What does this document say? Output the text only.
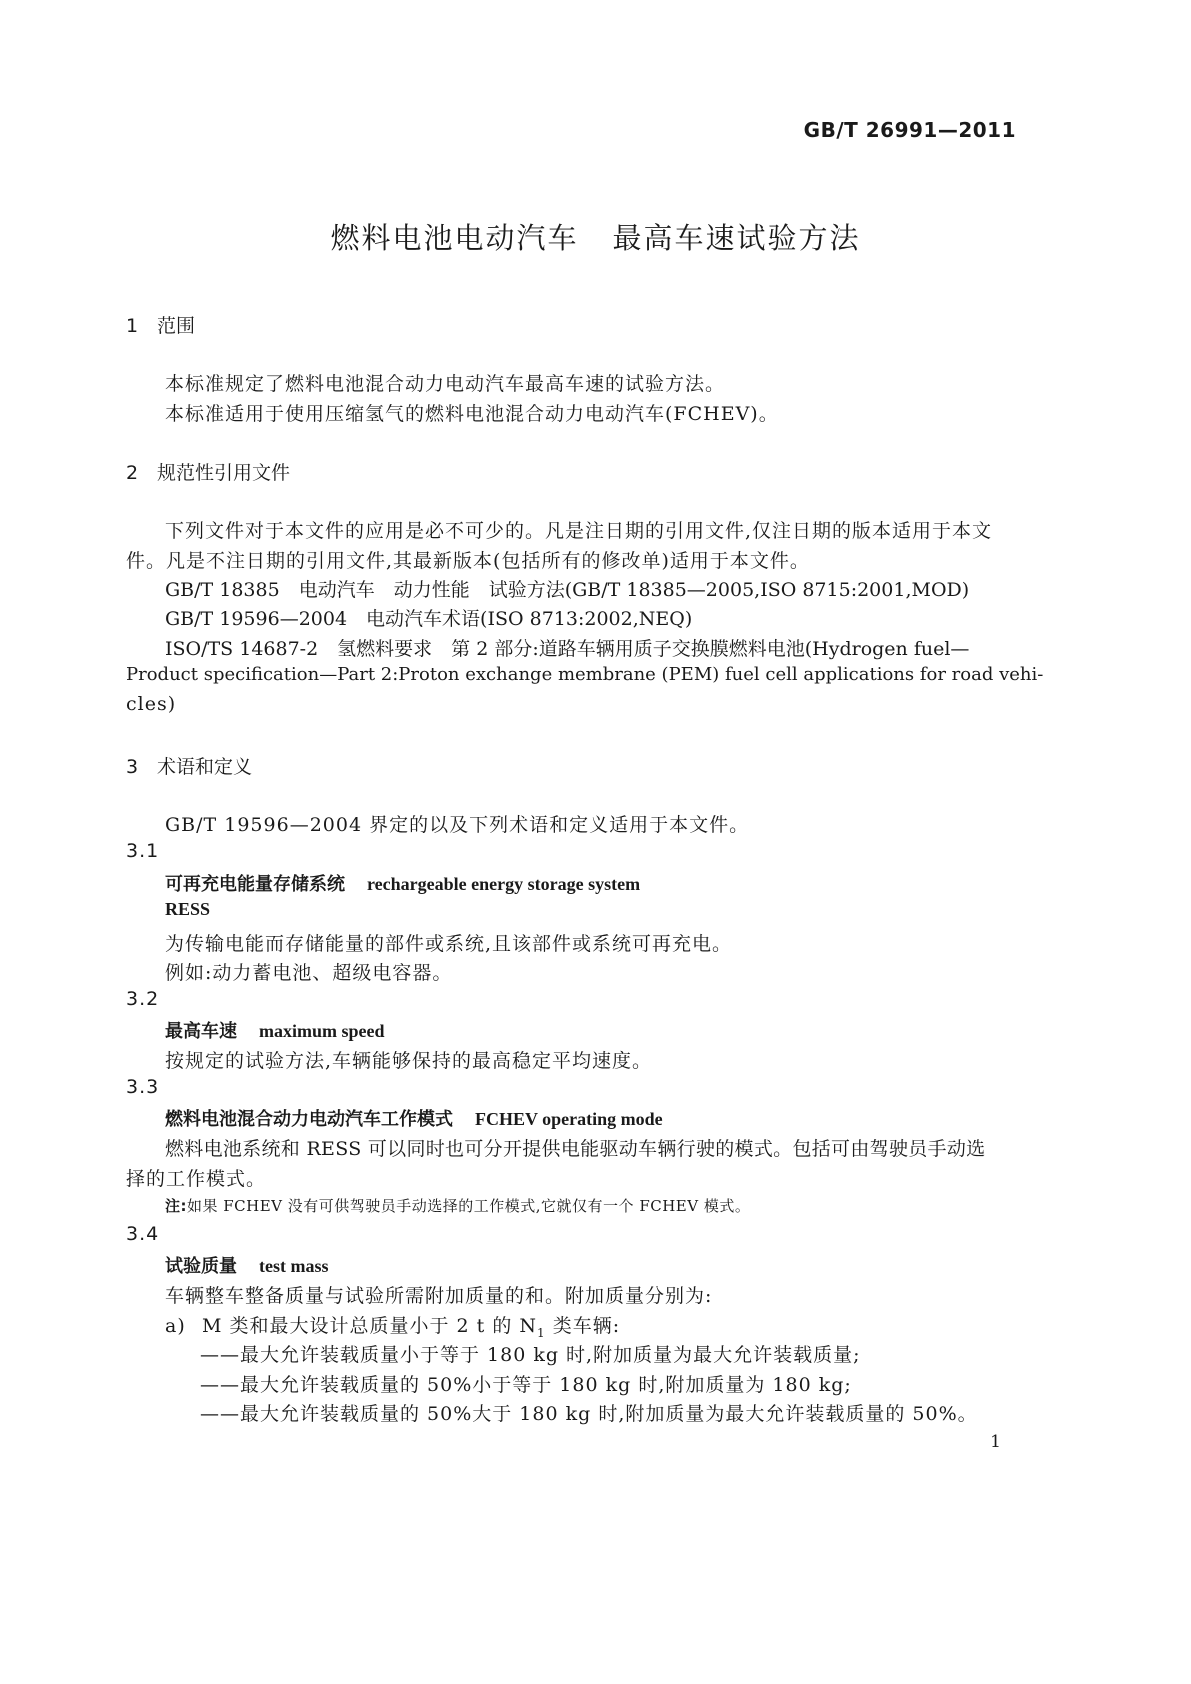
GB/T 26991—2011
燃料电池电动汽车 最高车速试验方法
1 范围
本标准规定了燃料电池混合动力电动汽车最高车速的试验方法。
本标准适用于使用压缩氢气的燃料电池混合动力电动汽车(FCHEV)。
2 规范性引用文件
下列文件对于本文件的应用是必不可少的。凡是注日期的引用文件,仅注日期的版本适用于本文
件。凡是不注日期的引用文件,其最新版本(包括所有的修改单)适用于本文件。
GB/T 18385　电动汽车　动力性能　试验方法(GB/T 18385—2005,ISO 8715:2001,MOD)
GB/T 19596—2004　电动汽车术语(ISO 8713:2002,NEQ)
ISO/TS 14687-2　氢燃料要求　第 2 部分:道路车辆用质子交换膜燃料电池(Hydrogen fuel—
Product specification—Part 2:Proton exchange membrane (PEM) fuel cell applications for road vehi-
cles)
3 术语和定义
GB/T 19596—2004 界定的以及下列术语和定义适用于本文件。
3.1
可再充电能量存储系统 rechargeable energy storage system
RESS
为传输电能而存储能量的部件或系统,且该部件或系统可再充电。
例如:动力蓄电池、超级电容器。
3.2
最高车速 maximum speed
按规定的试验方法,车辆能够保持的最高稳定平均速度。
3.3
燃料电池混合动力电动汽车工作模式 FCHEV operating mode
燃料电池系统和 RESS 可以同时也可分开提供电能驱动车辆行驶的模式。包括可由驾驶员手动选
择的工作模式。
注:如果 FCHEV 没有可供驾驶员手动选择的工作模式,它就仅有一个 FCHEV 模式。
3.4
试验质量 test mass
车辆整车整备质量与试验所需附加质量的和。附加质量分别为:
a) M 类和最大设计总质量小于 2 t 的 $N_1$ 类车辆:
——最大允许装载质量小于等于 180 kg 时,附加质量为最大允许装载质量;
——最大允许装载质量的 50%小于等于 180 kg 时,附加质量为 180 kg;
——最大允许装载质量的 50%大于 180 kg 时,附加质量为最大允许装载质量的 50%。
1
